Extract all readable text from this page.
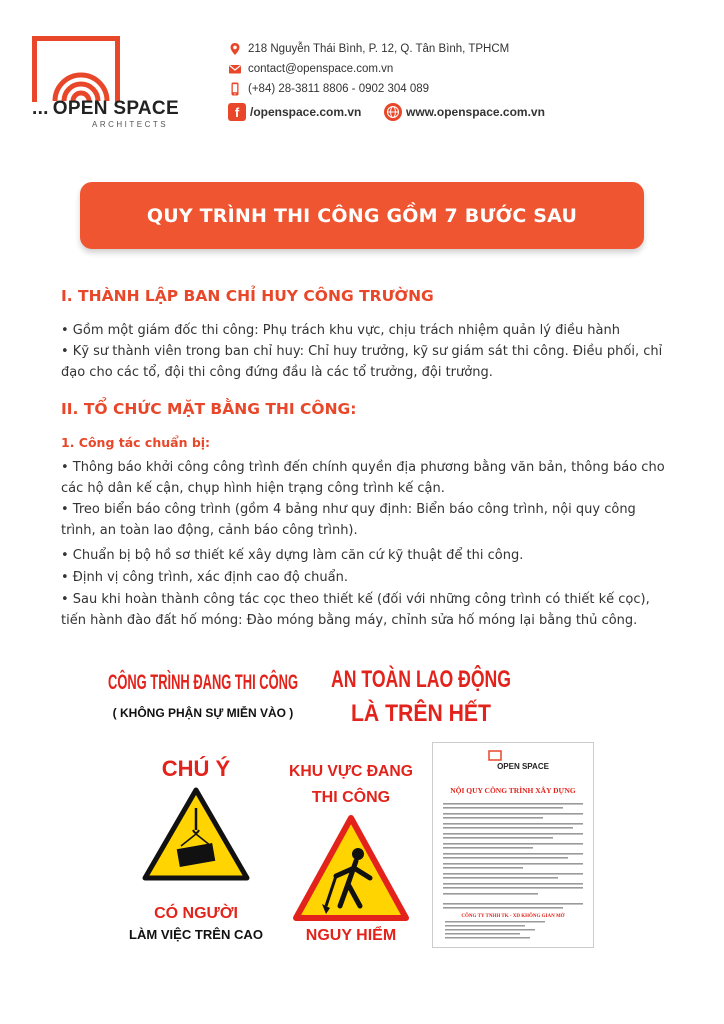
... OPEN SPACE
ARCHITECTS
218 Nguyễn Thái Bình, P. 12, Q. Tân Bình, TPHCM
contact@openspace.com.vn
(+84) 28-3811 8806 - 0902 304 089
f /openspace.com.vn	www.openspace.com.vn
QUY TRÌNH THI CÔNG GỒM 7 BƯỚC SAU
I. THÀNH LẬP BAN CHỈ HUY CÔNG TRƯỜNG
• Gồm một giám đốc thi công: Phụ trách khu vực, chịu trách nhiệm quản lý điều hành
• Kỹ sư thành viên trong ban chỉ huy: Chỉ huy trưởng, kỹ sư giám sát thi công. Điều phối, chỉ đạo cho các tổ, đội thi công đứng đầu là các tổ trưởng, đội trưởng.
II. TỔ CHỨC MẶT BẰNG THI CÔNG:
1. Công tác chuẩn bị:
• Thông báo khởi công công trình đến chính quyền địa phương bằng văn bản, thông báo cho các hộ dân kế cận, chụp hình hiện trạng công trình kế cận.
• Treo biển báo công trình (gồm 4 bảng như quy định: Biển báo công trình, nội quy công trình, an toàn lao động, cảnh báo công trình).
• Chuẩn bị bộ hồ sơ thiết kế xây dựng làm căn cứ kỹ thuật để thi công.
• Định vị công trình, xác định cao độ chuẩn.
• Sau khi hoàn thành công tác cọc theo thiết kế (đối với những công trình có thiết kế cọc), tiến hành đào đất hố móng: Đào móng bằng máy, chỉnh sửa hố móng lại bằng thủ công.
CÔNG TRÌNH ĐANG THI CÔNG
( KHÔNG PHẬN SỰ MIỄN VÀO )
AN TOÀN LAO ĐỘNG
LÀ TRÊN HẾT
CHÚ Ý
CÓ NGƯỜI
LÀM VIỆC TRÊN CAO
KHU VỰC ĐANG
THI CÔNG
NGUY HIỂM
OPEN SPACE
NỘI QUY CÔNG TRÌNH XÂY DỰNG
CÔNG TY TNHH TK - XD KHÔNG GIAN MỞ
